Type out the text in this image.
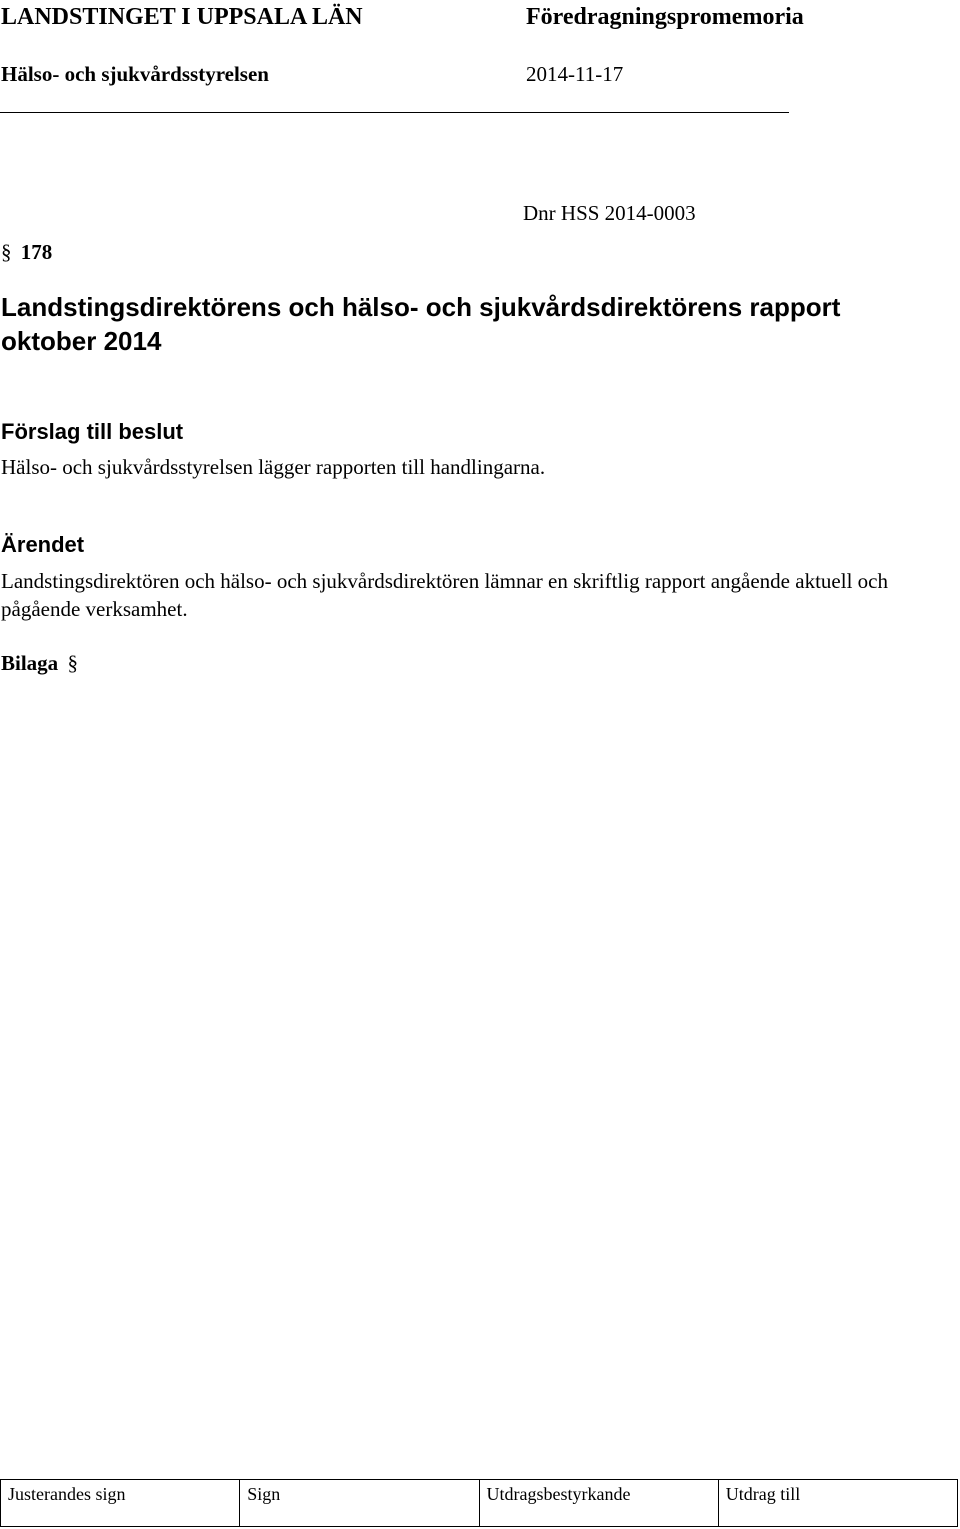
LANDSTINGET I UPPSALA LÄN	Föredragningspromemoria
Hälso- och sjukvårdsstyrelsen	2014-11-17
Dnr HSS 2014-0003
§ 178
Landstingsdirektörens och hälso- och sjukvårdsdirektörens rapport oktober 2014
Förslag till beslut
Hälso- och sjukvårdsstyrelsen lägger rapporten till handlingarna.
Ärendet
Landstingsdirektören och hälso- och sjukvårdsdirektören lämnar en skriftlig rapport angående aktuell och pågående verksamhet.
Bilaga §
Justerandes sign	Sign	Utdragsbestyrkande	Utdrag till
